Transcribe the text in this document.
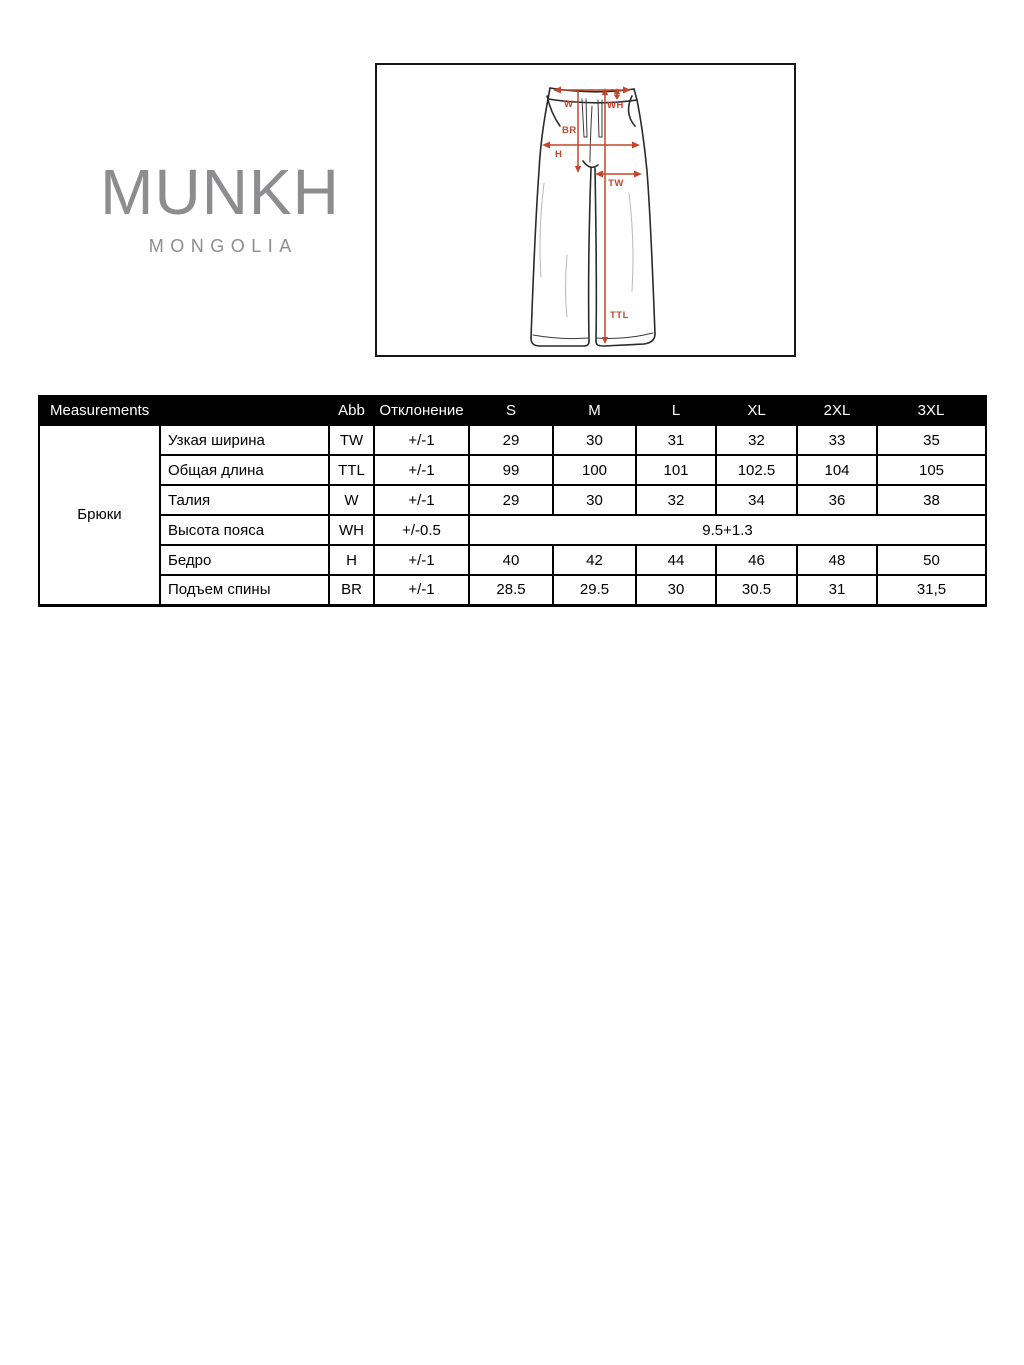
MUNKH
MONGOLIA
W	WH
BR
H
TW
TTL
Measurements		Abb	Отклонение	S	M	L	XL	2XL	3XL
Брюки	Узкая ширина	TW	+/-1	29	30	31	32	33	35
	Общая длина	TTL	+/-1	99	100	101	102.5	104	105
	Талия	W	+/-1	29	30	32	34	36	38
	Высота пояса	WH	+/-0.5	9.5+1.3					
	Бедро	H	+/-1	40	42	44	46	48	50
	Подъем спины	BR	+/-1	28.5	29.5	30	30.5	31	31,5
